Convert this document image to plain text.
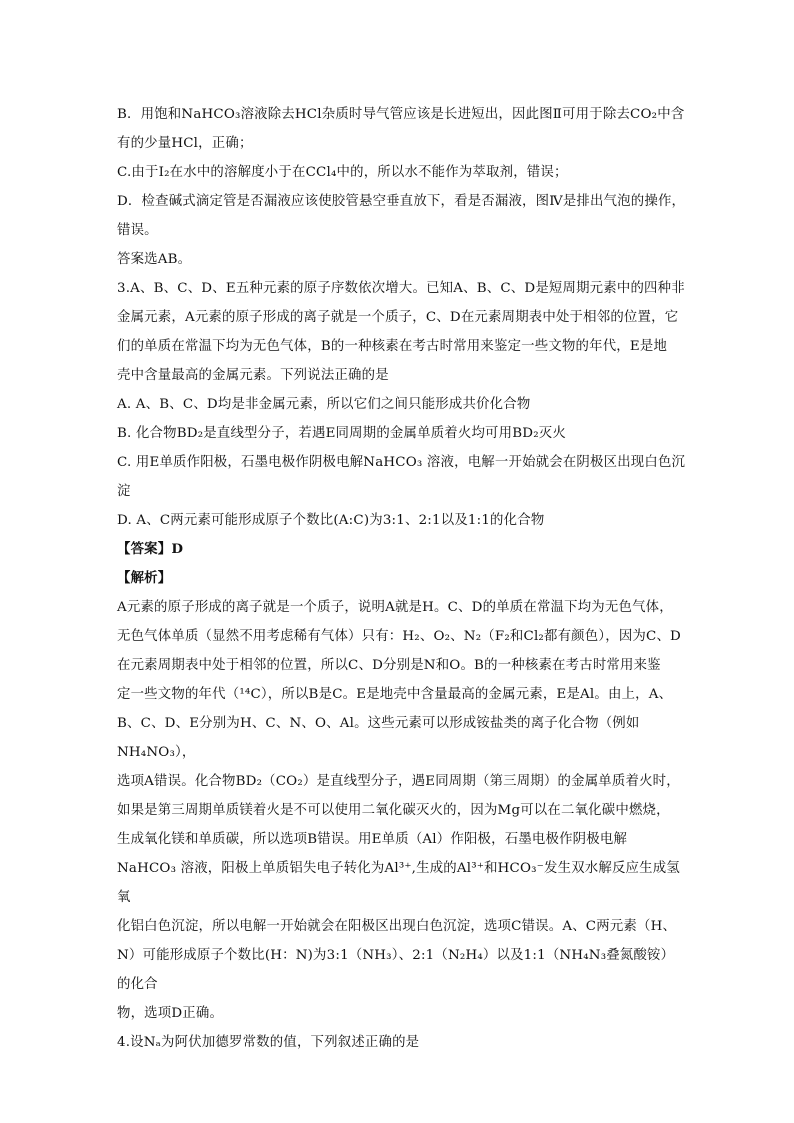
B．用饱和NaHCO₃溶液除去HCl杂质时导气管应该是长进短出，因此图Ⅱ可用于除去CO₂中含

有的少量HCl，正确；

C.由于I₂在水中的溶解度小于在CCl₄中的，所以水不能作为萃取剂，错误；

D．检查碱式滴定管是否漏液应该使胶管悬空垂直放下，看是否漏液，图Ⅳ是排出气泡的操作，

错误。

答案选AB。

3.A、B、C、D、E五种元素的原子序数依次增大。已知A、B、C、D是短周期元素中的四种非

金属元素，A元素的原子形成的离子就是一个质子，C、D在元素周期表中处于相邻的位置，它

们的单质在常温下均为无色气体，B的一种核素在考古时常用来鉴定一些文物的年代，E是地

壳中含量最高的金属元素。下列说法正确的是

A. A、B、C、D均是非金属元素，所以它们之间只能形成共价化合物

B. 化合物BD₂是直线型分子，若遇E同周期的金属单质着火均可用BD₂灭火

C. 用E单质作阳极，石墨电极作阴极电解NaHCO₃ 溶液，电解一开始就会在阴极区出现白色沉

淀

D. A、C两元素可能形成原子个数比(A:C)为3:1、2:1以及1:1的化合物

【答案】D

【解析】

A元素的原子形成的离子就是一个质子，说明A就是H。C、D的单质在常温下均为无色气体，

无色气体单质（显然不用考虑稀有气体）只有：H₂、O₂、N₂（F₂和Cl₂都有颜色），因为C、D

在元素周期表中处于相邻的位置，所以C、D分别是N和O。B的一种核素在考古时常用来鉴

定一些文物的年代（¹⁴C），所以B是C。E是地壳中含量最高的金属元素，E是Al。由上，A、

B、C、D、E分别为H、C、N、O、Al。这些元素可以形成铵盐类的离子化合物（例如NH₄NO₃），

选项A错误。化合物BD₂（CO₂）是直线型分子，遇E同周期（第三周期）的金属单质着火时，

如果是第三周期单质镁着火是不可以使用二氧化碳灭火的，因为Mg可以在二氧化碳中燃烧，

生成氧化镁和单质碳，所以选项B错误。用E单质（Al）作阳极，石墨电极作阴极电解

NaHCO₃ 溶液，阳极上单质铝失电子转化为Al³⁺,生成的Al³⁺和HCO₃⁻发生双水解反应生成氢氧

化铝白色沉淀，所以电解一开始就会在阳极区出现白色沉淀，选项C错误。A、C两元素（H、

N）可能形成原子个数比(H：N)为3:1（NH₃）、2:1（N₂H₄）以及1:1（NH₄N₃叠氮酸铵）的化合

物，选项D正确。

4.设Nₐ为阿伏加德罗常数的值，下列叙述正确的是
